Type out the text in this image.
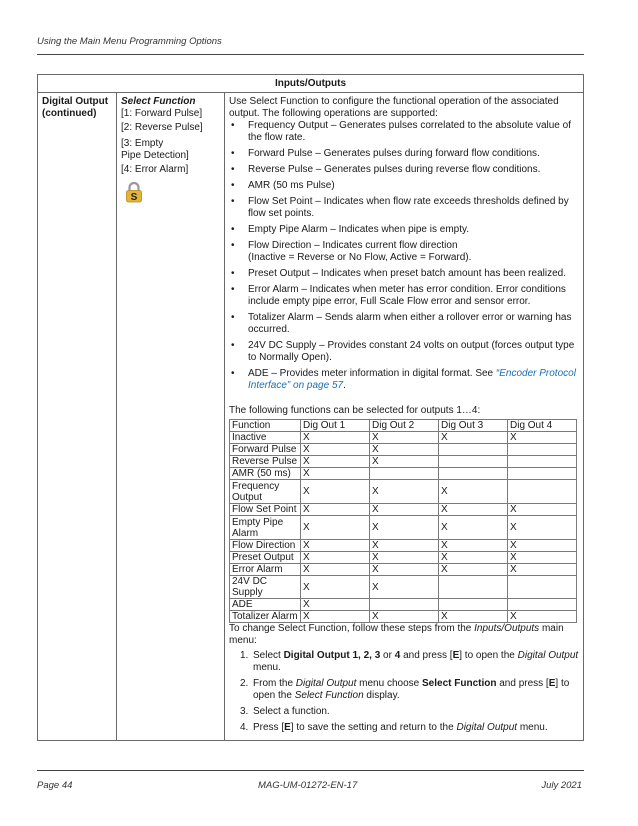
Using the Main Menu Programming Options
Inputs/Outputs
Digital Output
(continued)
Select Function
[1: Forward Pulse]
[2: Reverse Pulse]
[3: Empty
Pipe Detection]
[4: Error Alarm]
S

Use Select Function to configure the functional operation of the associated output. The following operations are supported:

• Frequency Output – Generates pulses correlated to the absolute value of the flow rate.
• Forward Pulse – Generates pulses during forward flow conditions.
• Reverse Pulse – Generates pulses during reverse flow conditions.
• AMR (50 ms Pulse)
• Flow Set Point – Indicates when flow rate exceeds thresholds defined by flow set points.
• Empty Pipe Alarm – Indicates when pipe is empty.
• Flow Direction – Indicates current flow direction
(Inactive = Reverse or No Flow, Active = Forward).
• Preset Output – Indicates when preset batch amount has been realized.
• Error Alarm – Indicates when meter has error condition. Error conditions include empty pipe error, Full Scale Flow error and sensor error.
• Totalizer Alarm – Sends alarm when either a rollover error or warning has occurred.
• 24V DC Supply – Provides constant 24 volts on output (forces output type to Normally Open).
• ADE – Provides meter information in digital format. See “Encoder Protocol Interface” on page 57.

The following functions can be selected for outputs 1…4:

Function	Dig Out 1	Dig Out 2	Dig Out 3	Dig Out 4
Inactive	X	X	X	X
Forward Pulse	X	X		
Reverse Pulse	X	X		
AMR (50 ms)	X			
Frequency Output	X	X	X	
Flow Set Point	X	X	X	X
Empty Pipe Alarm	X	X	X	X
Flow Direction	X	X	X	X
Preset Output	X	X	X	X
Error Alarm	X	X	X	X
24V DC Supply	X	X		
ADE	X			
Totalizer Alarm	X	X	X	X

To change Select Function, follow these steps from the Inputs/Outputs main menu:

1. Select Digital Output 1, 2, 3 or 4 and press [E] to open the Digital Output menu.
2. From the Digital Output menu choose Select Function and press [E] to open the Select Function display.
3. Select a function.
4. Press [E] to save the setting and return to the Digital Output menu.
Page 44	MAG-UM-01272-EN-17	July 2021
